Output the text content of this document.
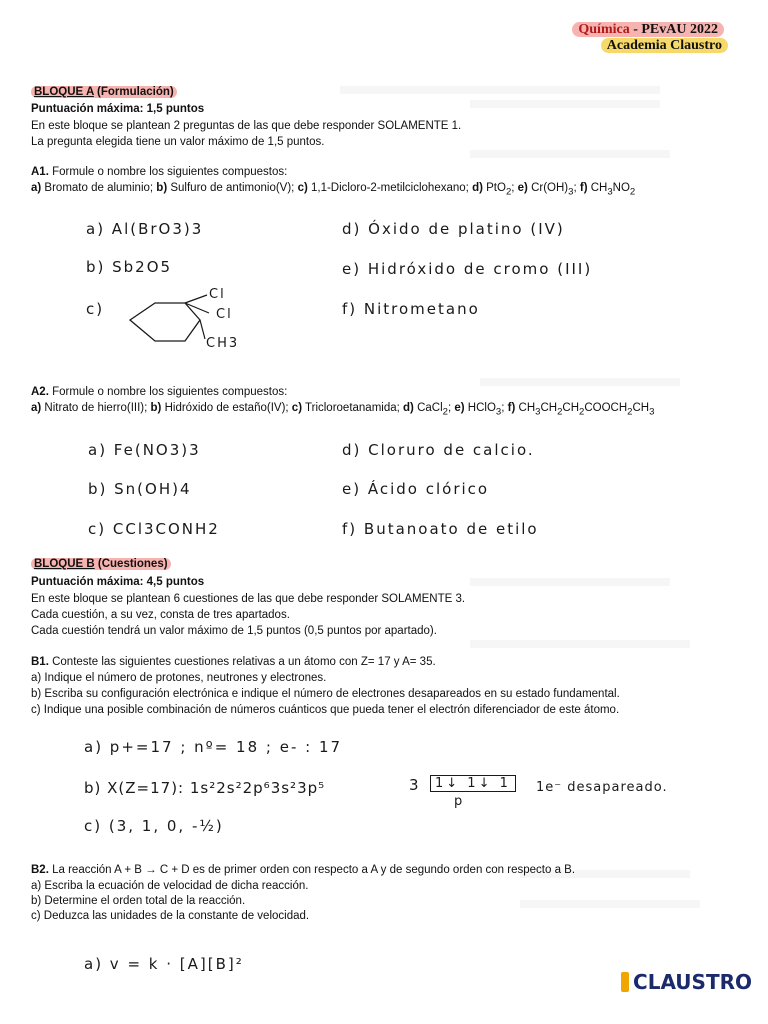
Química - PEvAU 2022
Academia Claustro
BLOQUE A (Formulación)
Puntuación máxima: 1,5 puntos
En este bloque se plantean 2 preguntas de las que debe responder SOLAMENTE 1.
La pregunta elegida tiene un valor máximo de 1,5 puntos.
A1. Formule o nombre los siguientes compuestos:
a) Bromato de aluminio; b) Sulfuro de antimonio(V); c) 1,1-Dicloro-2-metilciclohexano; d) PtO$_2$; e) $Cr(OH)_3$; f) $CH_3NO_2$
a) Al(BrO3)3
b) Sb2O5
c)
Cl
Cl
CH3
d) Óxido de platino (IV)
e) Hidróxido de cromo (III)
f) Nitrometano
A2. Formule o nombre los siguientes compuestos:
a) Nitrato de hierro(III); b) Hidróxido de estaño(IV); c) Tricloroetanamida; d) CaCl$_2$; e) HClO$_3$; f) $CH_3CH_2CH_2COOCH_2CH_3$
a) Fe(NO3)3
b) Sn(OH)4
c) CCl3CONH2
d) Cloruro de calcio.
e) Ácido clórico
f) Butanoato de etilo
BLOQUE B (Cuestiones)
Puntuación máxima: 4,5 puntos
En este bloque se plantean 6 cuestiones de las que debe responder SOLAMENTE 3.
Cada cuestión, a su vez, consta de tres apartados.
Cada cuestión tendrá un valor máximo de 1,5 puntos (0,5 puntos por apartado).
B1. Conteste las siguientes cuestiones relativas a un átomo con Z= 17 y A= 35.
a) Indique el número de protones, neutrones y electrones.
b) Escriba su configuración electrónica e indique el número de electrones desapareados en su estado fundamental.
c) Indique una posible combinación de números cuánticos que pueda tener el electrón diferenciador de este átomo.
a) p+=17 ; nº= 18 ; e- : 17
b) X(Z=17): 1s²2s²2p⁶3s²3p⁵	3	1↓ 1↓ 1
p
1e⁻ desapareado.
c) (3, 1, 0, -½)
B2. La reacción A + B → C + D es de primer orden con respecto a A y de segundo orden con respecto a B.
a) Escriba la ecuación de velocidad de dicha reacción.
b) Determine el orden total de la reacción.
c) Deduzca las unidades de la constante de velocidad.
a) v = k · [A][B]²
CLAUSTRO
